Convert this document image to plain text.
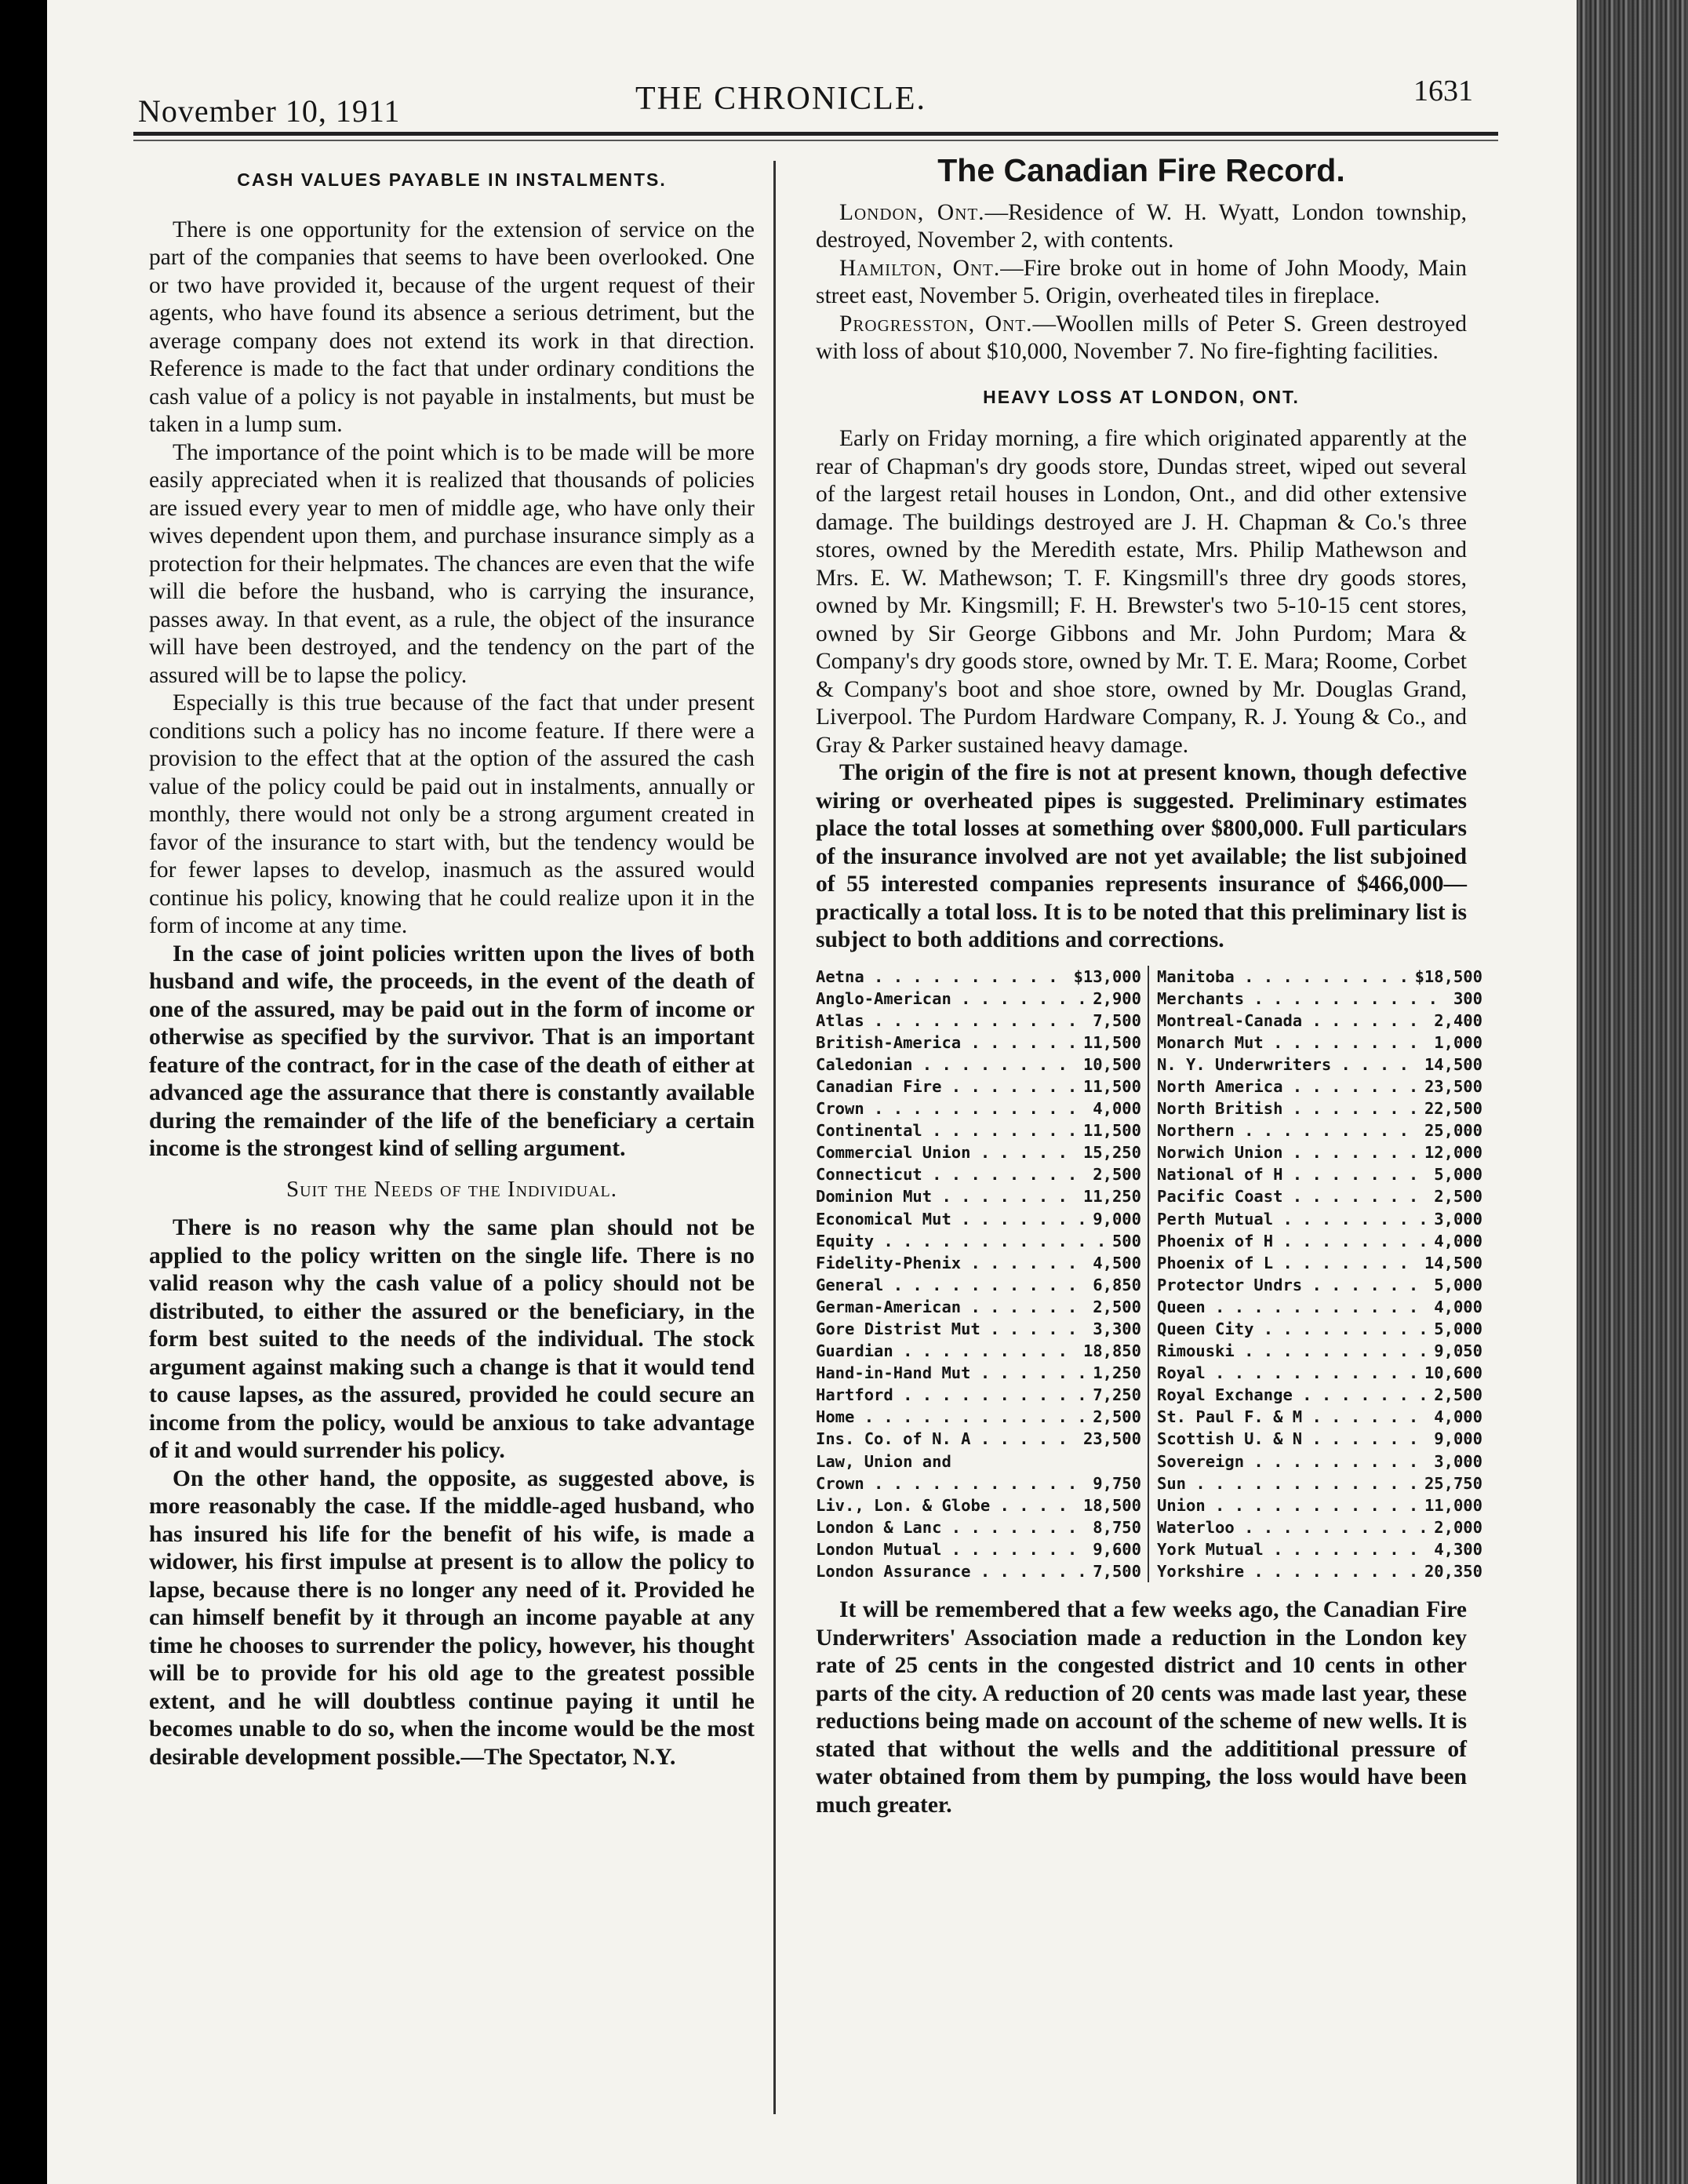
November 10, 1911	THE CHRONICLE.	1631
CASH VALUES PAYABLE IN INSTALMENTS.

There is one opportunity for the extension of service on the part of the companies that seems to have been overlooked. One or two have provided it, because of the urgent request of their agents, who have found its absence a serious detriment, but the average company does not extend its work in that direction. Reference is made to the fact that under ordinary conditions the cash value of a policy is not payable in instalments, but must be taken in a lump sum.

The importance of the point which is to be made will be more easily appreciated when it is realized that thousands of policies are issued every year to men of middle age, who have only their wives dependent upon them, and purchase insurance simply as a protection for their helpmates. The chances are even that the wife will die before the husband, who is carrying the insurance, passes away. In that event, as a rule, the object of the insurance will have been destroyed, and the tendency on the part of the assured will be to lapse the policy.

Especially is this true because of the fact that under present conditions such a policy has no income feature. If there were a provision to the effect that at the option of the assured the cash value of the policy could be paid out in instalments, annually or monthly, there would not only be a strong argument created in favor of the insurance to start with, but the tendency would be for fewer lapses to develop, inasmuch as the assured would continue his policy, knowing that he could realize upon it in the form of income at any time.

In the case of joint policies written upon the lives of both husband and wife, the proceeds, in the event of the death of one of the assured, may be paid out in the form of income or otherwise as specified by the survivor. That is an important feature of the contract, for in the case of the death of either at advanced age the assurance that there is constantly available during the remainder of the life of the beneficiary a certain income is the strongest kind of selling argument.

Suit the Needs of the Individual.

There is no reason why the same plan should not be applied to the policy written on the single life. There is no valid reason why the cash value of a policy should not be distributed, to either the assured or the beneficiary, in the form best suited to the needs of the individual. The stock argument against making such a change is that it would tend to cause lapses, as the assured, provided he could secure an income from the policy, would be anxious to take advantage of it and would surrender his policy.

On the other hand, the opposite, as suggested above, is more reasonably the case. If the middle-aged husband, who has insured his life for the benefit of his wife, is made a widower, his first impulse at present is to allow the policy to lapse, because there is no longer any need of it. Provided he can himself benefit by it through an income payable at any time he chooses to surrender the policy, however, his thought will be to provide for his old age to the greatest possible extent, and he will doubtless continue paying it until he becomes unable to do so, when the income would be the most desirable development possible.—The Spectator, N.Y.

The Canadian Fire Record.

London, Ont.—Residence of W. H. Wyatt, London township, destroyed, November 2, with contents.

Hamilton, Ont.—Fire broke out in home of John Moody, Main street east, November 5. Origin, overheated tiles in fireplace.

Progresston, Ont.—Woollen mills of Peter S. Green destroyed with loss of about $10,000, November 7. No fire-fighting facilities.

HEAVY LOSS AT LONDON, ONT.

Early on Friday morning, a fire which originated apparently at the rear of Chapman's dry goods store, Dundas street, wiped out several of the largest retail houses in London, Ont., and did other extensive damage. The buildings destroyed are J. H. Chapman & Co.'s three stores, owned by the Meredith estate, Mrs. Philip Mathewson and Mrs. E. W. Mathewson; T. F. Kingsmill's three dry goods stores, owned by Mr. Kingsmill; F. H. Brewster's two 5-10-15 cent stores, owned by Sir George Gibbons and Mr. John Purdom; Mara & Company's dry goods store, owned by Mr. T. E. Mara; Roome, Corbet & Company's boot and shoe store, owned by Mr. Douglas Grand, Liverpool. The Purdom Hardware Company, R. J. Young & Co., and Gray & Parker sustained heavy damage.

The origin of the fire is not at present known, though defective wiring or overheated pipes is suggested. Preliminary estimates place the total losses at something over $800,000. Full particulars of the insurance involved are not yet available; the list subjoined of 55 interested companies represents insurance of $466,000—practically a total loss. It is to be noted that this preliminary list is subject to both additions and corrections.

Aetna . . .	$13,000
Anglo-American . . .	2,900
Atlas . . .	7,500
British-America . . .	11,500
Caledonian . . .	10,500
Canadian Fire . . .	11,500
Crown . . .	4,000
Continental . . .	11,500
Commercial Union . . .	15,250
Connecticut . . .	2,500
Dominion Mut . . .	11,250
Economical Mut . . .	9,000
Equity . . .	500
Fidelity-Phenix . . .	4,500
General . . .	6,850
German-American . . .	2,500
Gore Distrist Mut . . .	3,300
Guardian . . .	18,850
Hand-in-Hand Mut . . .	1,250
Hartford . . .	7,250
Home . . .	2,500
Ins. Co. of N. A . . .	23,500
Law, Union and
Crown . . .	9,750
Liv., Lon. & Globe . . .	18,500
London & Lanc . . .	8,750
London Mutual . . .	9,600
London Assurance . . .	7,500
Manitoba . . .	$18,500
Merchants . . .	300
Montreal-Canada . . .	2,400
Monarch Mut . . .	1,000
N. Y. Underwriters . . .	14,500
North America . . .	23,500
North British . . .	22,500
Northern . . .	25,000
Norwich Union . . .	12,000
National of H . . .	5,000
Pacific Coast . . .	2,500
Perth Mutual . . .	3,000
Phoenix of H . . .	4,000
Phoenix of L . . .	14,500
Protector Undrs . . .	5,000
Queen . . .	4,000
Queen City . . .	5,000
Rimouski . . .	9,050
Royal . . .	10,600
Royal Exchange . . .	2,500
St. Paul F. & M . . .	4,000
Scottish U. & N . . .	9,000
Sovereign . . .	3,000
Sun . . .	25,750
Union . . .	11,000
Waterloo . . .	2,000
York Mutual . . .	4,300
Yorkshire . . .	20,350

It will be remembered that a few weeks ago, the Canadian Fire Underwriters' Association made a reduction in the London key rate of 25 cents in the congested district and 10 cents in other parts of the city. A reduction of 20 cents was made last year, these reductions being made on account of the scheme of new wells. It is stated that without the wells and the addititional pressure of water obtained from them by pumping, the loss would have been much greater.
